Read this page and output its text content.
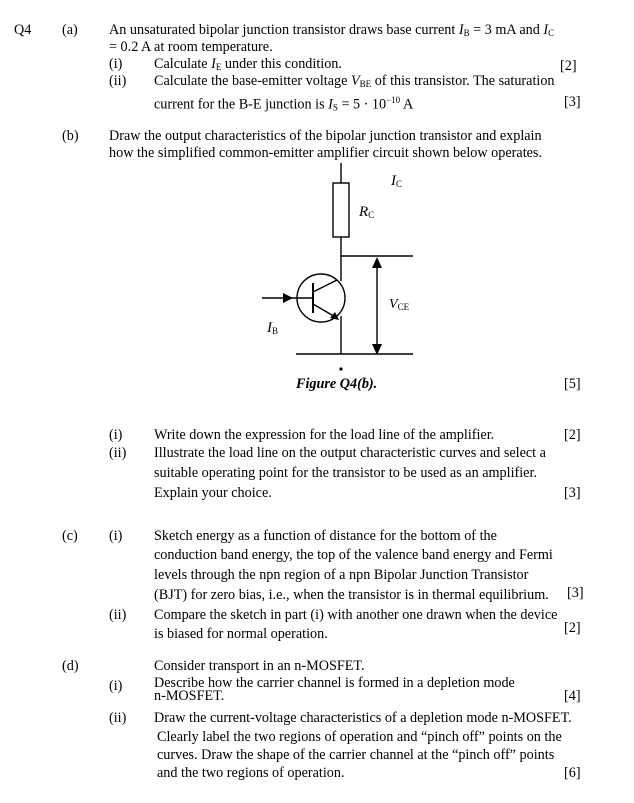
Q4 (a) An unsaturated bipolar junction transistor draws base current $I_B = 3$ mA and $I_C$
= 0.2 A at room temperature.
(i) Calculate $I_E$ under this condition.	[2]
(ii) Calculate the base-emitter voltage $V_{BE}$ of this transistor. The saturation
current for the B-E junction is $I_S = 5 \cdot 10^{-10}$ A	[3]
(b) Draw the output characteristics of the bipolar junction transistor and explain
how the simplified common-emitter amplifier circuit shown below operates.
$I_C$
$R_C$
$V_{CE}$
$I_B$
Figure Q4(b).	[5]
(i) Write down the expression for the load line of the amplifier.	[2]
(ii) Illustrate the load line on the output characteristic curves and select a
suitable operating point for the transistor to be used as an amplifier.
Explain your choice.	[3]
(c) (i) Sketch energy as a function of distance for the bottom of the
conduction band energy, the top of the valence band energy and Fermi
levels through the npn region of a npn Bipolar Junction Transistor
(BJT) for zero bias, i.e., when the transistor is in thermal equilibrium. [3]
(ii) Compare the sketch in part (i) with another one drawn when the device
is biased for normal operation.	[2]
(d)	Consider transport in an n-MOSFET.
(i) Describe how the carrier channel is formed in a depletion mode
n-MOSFET.	[4]
(ii) Draw the current-voltage characteristics of a depletion mode n-MOSFET.
Clearly label the two regions of operation and “pinch off” points on the
curves. Draw the shape of the carrier channel at the “pinch off” points
and the two regions of operation.	[6]
